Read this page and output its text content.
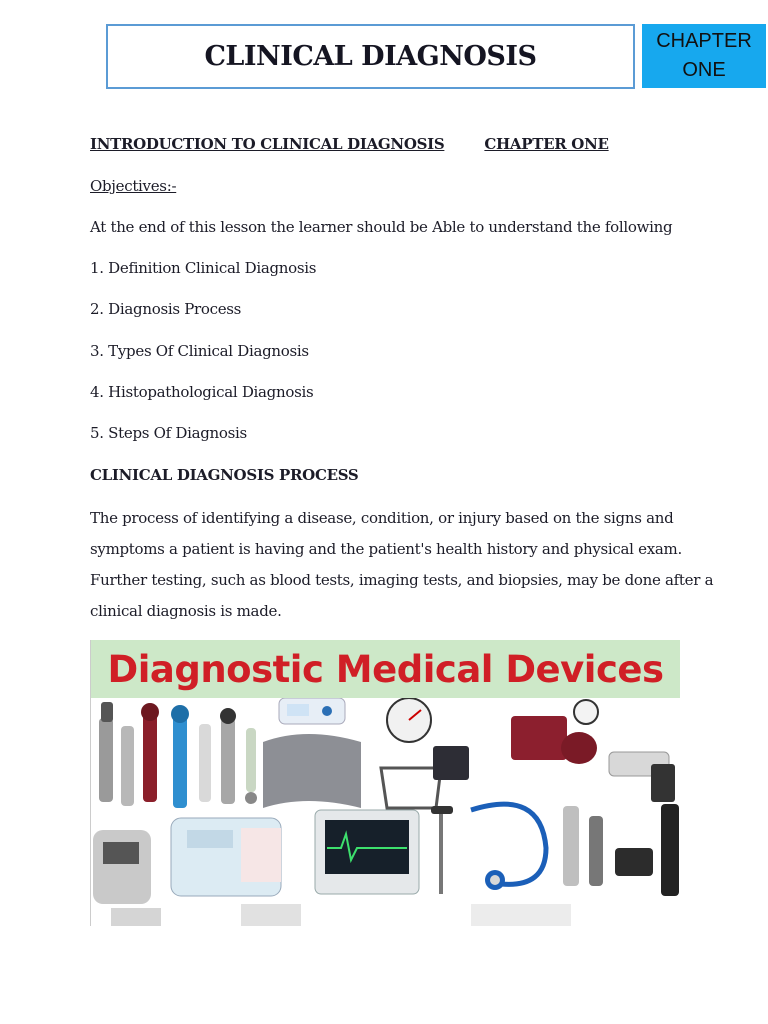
CLINICAL DIAGNOSIS	CHAPTER
ONE
INTRODUCTION TO CLINICAL DIAGNOSIS	CHAPTER ONE
Objectives:-
At the end of this lesson the learner should be Able to understand the following
1. Definition Clinical Diagnosis
2. Diagnosis Process
3. Types Of Clinical Diagnosis
4. Histopathological Diagnosis
5. Steps Of Diagnosis
CLINICAL DIAGNOSIS PROCESS
The process of identifying a disease, condition, or injury based on the signs and
symptoms a patient is having and the patient's health history and physical exam.
Further testing, such as blood tests, imaging tests, and biopsies, may be done after a
clinical diagnosis is made.
Diagnostic Medical Devices
